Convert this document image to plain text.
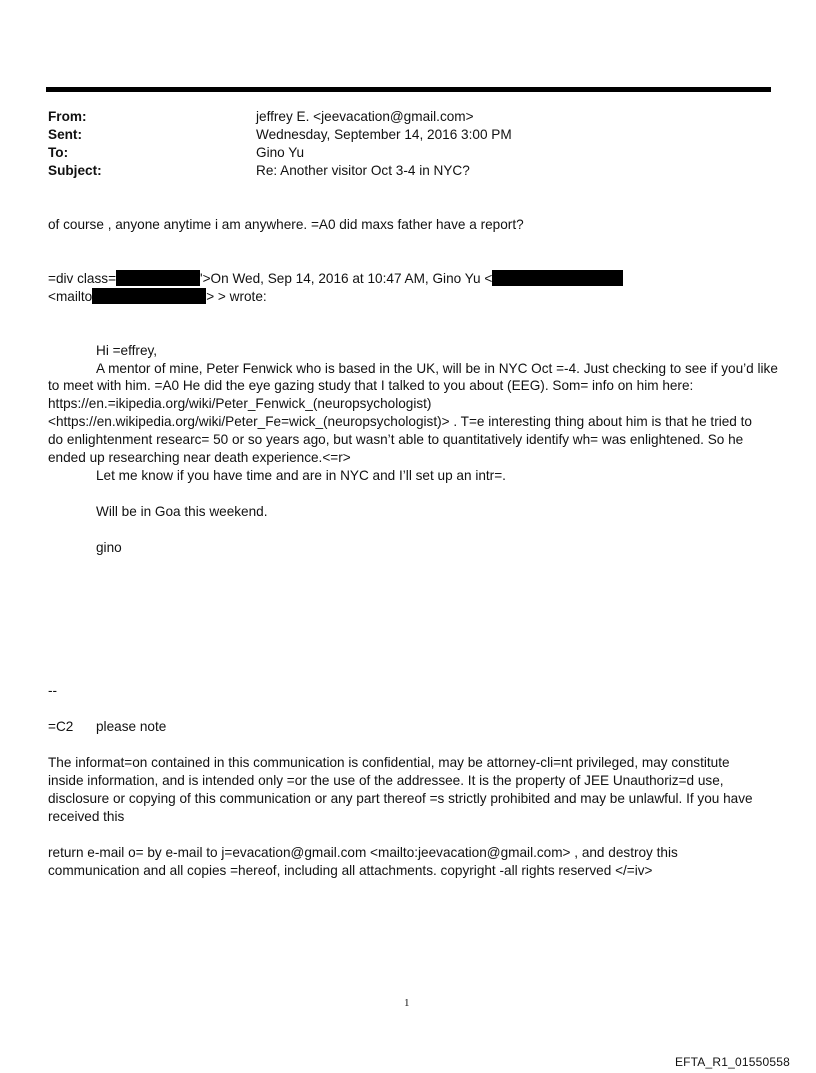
From:	jeffrey E. <jeevacation@gmail.com>
Sent:	Wednesday, September 14, 2016 3:00 PM
To:	Gino Yu
Subject:	Re: Another visitor Oct 3-4 in NYC?
of course , anyone anytime i am anywhere. =A0 did maxs father have a report?
=div class=	'>On Wed, Sep 14, 2016 at 10:47 AM, Gino Yu <
<mailto	> > wrote:
Hi =effrey,
A mentor of mine, Peter Fenwick who is based in the UK, will be in NYC Oct =-4. Just checking to see if you’d like
to meet with him. =A0 He did the eye gazing study that I talked to you about (EEG). Som= info on him here:
https://en.=ikipedia.org/wiki/Peter_Fenwick_(neuropsychologist)
<https://en.wikipedia.org/wiki/Peter_Fe=wick_(neuropsychologist)> . T=e interesting thing about him is that he tried to
do enlightenment researc= 50 or so years ago, but wasn’t able to quantitatively identify wh= was enlightened. So he
ended up researching near death experience.<=r>
Let me know if you have time and are in NYC and I’ll set up an intr=.
Will be in Goa this weekend.
gino
--
=C2 please note
The informat=on contained in this communication is confidential, may be attorney-cli=nt privileged, may constitute
inside information, and is intended only =or the use of the addressee. It is the property of JEE Unauthoriz=d use,
disclosure or copying of this communication or any part thereof =s strictly prohibited and may be unlawful. If you have
received this
return e-mail o= by e-mail to j=evacation@gmail.com <mailto:jeevacation@gmail.com> , and destroy this
communication and all copies =hereof, including all attachments. copyright -all rights reserved </=iv>
1
EFTA_R1_01550558
